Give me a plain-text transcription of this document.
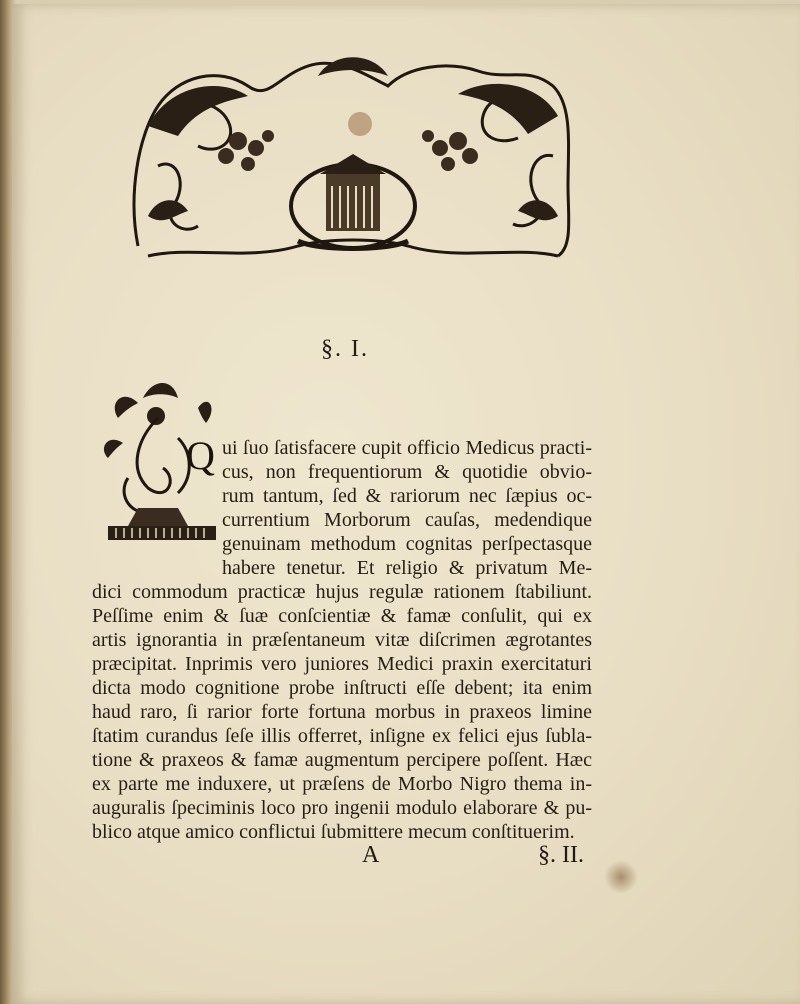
§. I.
Q ui ſuo ſatisfacere cupit officio Medicus practi-
cus, non frequentiorum & quotidie obvio-
rum tantum, ſed & rariorum nec ſæpius oc-
currentium Morborum cauſas, medendique
genuinam methodum cognitas perſpectasque
habere tenetur. Et religio & privatum Me-
dici commodum practicæ hujus regulæ rationem ſtabiliunt.
Peſſime enim & ſuæ conſcientiæ & famæ conſulit, qui ex
artis ignorantia in præſentaneum vitæ diſcrimen ægrotantes
præcipitat. Inprimis vero juniores Medici praxin exercitaturi
dicta modo cognitione probe inſtructi eſſe debent; ita enim
haud raro, ſi rarior forte fortuna morbus in praxeos limine
ſtatim curandus ſeſe illis offerret, inſigne ex felici ejus ſubla-
tione & praxeos & famæ augmentum percipere poſſent. Hæc
ex parte me induxere, ut præſens de Morbo Nigro thema in-
auguralis ſpeciminis loco pro ingenii modulo elaborare & pu-
blico atque amico conflictui ſubmittere mecum conſtituerim.
A	§. II.
